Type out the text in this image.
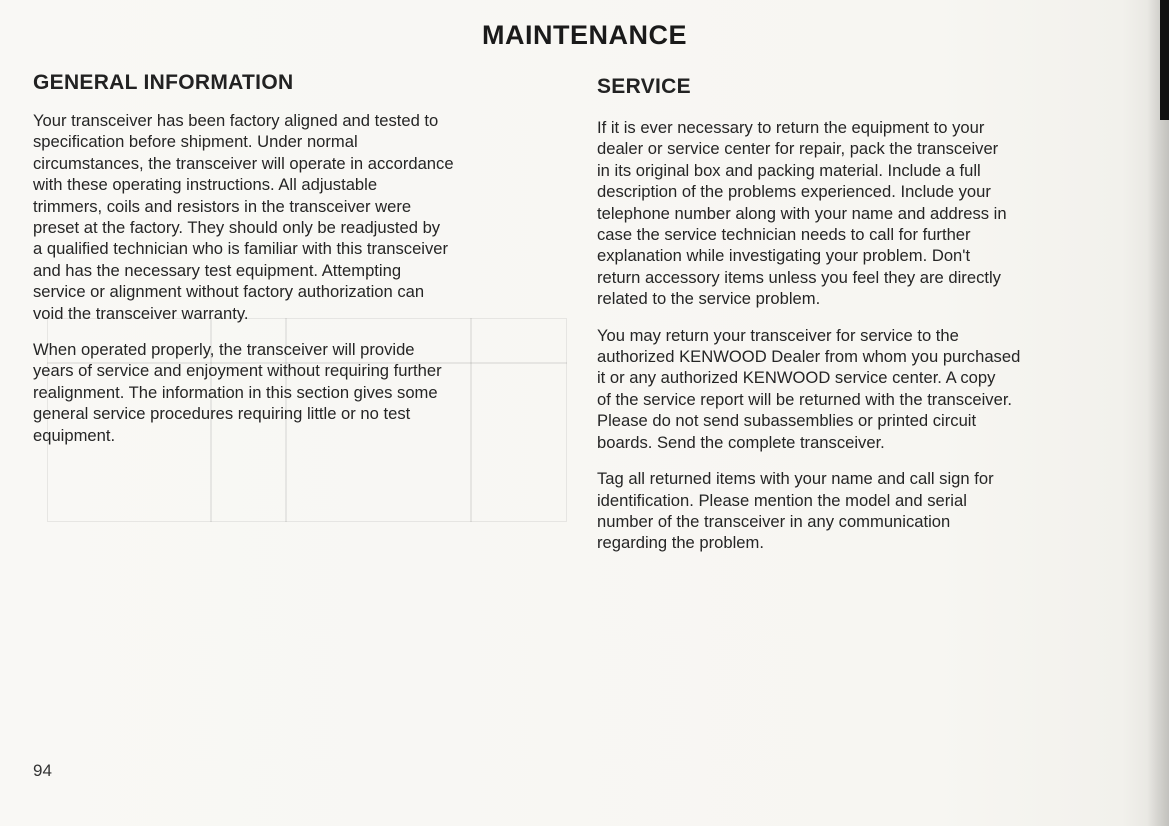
MAINTENANCE
GENERAL INFORMATION

Your transceiver has been factory aligned and tested to
specification before shipment. Under normal
circumstances, the transceiver will operate in accordance
with these operating instructions. All adjustable
trimmers, coils and resistors in the transceiver were
preset at the factory. They should only be readjusted by
a qualified technician who is familiar with this transceiver
and has the necessary test equipment. Attempting
service or alignment without factory authorization can
void the transceiver warranty.

When operated properly, the transceiver will provide
years of service and enjoyment without requiring further
realignment. The information in this section gives some
general service procedures requiring little or no test
equipment.

SERVICE

If it is ever necessary to return the equipment to your
dealer or service center for repair, pack the transceiver
in its original box and packing material. Include a full
description of the problems experienced. Include your
telephone number along with your name and address in
case the service technician needs to call for further
explanation while investigating your problem. Don't
return accessory items unless you feel they are directly
related to the service problem.

You may return your transceiver for service to the
authorized KENWOOD Dealer from whom you purchased
it or any authorized KENWOOD service center. A copy
of the service report will be returned with the transceiver.
Please do not send subassemblies or printed circuit
boards. Send the complete transceiver.

Tag all returned items with your name and call sign for
identification. Please mention the model and serial
number of the transceiver in any communication
regarding the problem.

94
